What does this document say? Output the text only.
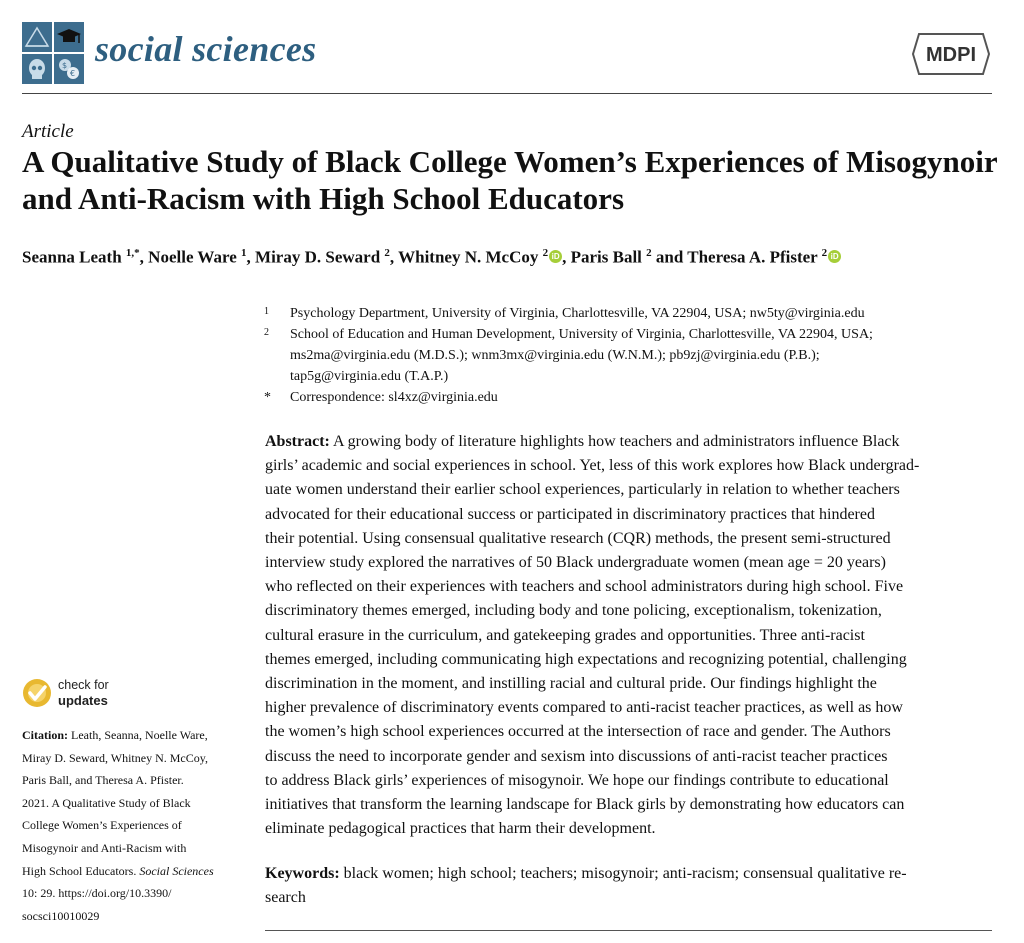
$
€
social sciences	MDPI
Article
A Qualitative Study of Black College Women’s Experiences of Misogynoir and Anti-Racism with High School Educators
Seanna Leath $^{1,*}$, Noelle Ware $^1$, Miray D. Seward $^2$, Whitney N. McCoy $^2$ iD , Paris Ball $^2$ and Theresa A. Pfister $^2$ iD
1 Psychology Department, University of Virginia, Charlottesville, VA 22904, USA; nw5ty@virginia.edu
2 School of Education and Human Development, University of Virginia, Charlottesville, VA 22904, USA;
ms2ma@virginia.edu (M.D.S.); wnm3mx@virginia.edu (W.N.M.); pb9zj@virginia.edu (P.B.);
tap5g@virginia.edu (T.A.P.)
* Correspondence: sl4xz@virginia.edu

Abstract: A growing body of literature highlights how teachers and administrators influence Black
girls’ academic and social experiences in school. Yet, less of this work explores how Black undergrad-
uate women understand their earlier school experiences, particularly in relation to whether teachers
advocated for their educational success or participated in discriminatory practices that hindered
their potential. Using consensual qualitative research (CQR) methods, the present semi-structured
interview study explored the narratives of 50 Black undergraduate women (mean age = 20 years)
who reflected on their experiences with teachers and school administrators during high school. Five
discriminatory themes emerged, including body and tone policing, exceptionalism, tokenization,
cultural erasure in the curriculum, and gatekeeping grades and opportunities. Three anti-racist
themes emerged, including communicating high expectations and recognizing potential, challenging
discrimination in the moment, and instilling racial and cultural pride. Our findings highlight the
higher prevalence of discriminatory events compared to anti-racist teacher practices, as well as how
the women’s high school experiences occurred at the intersection of race and gender. The Authors
discuss the need to incorporate gender and sexism into discussions of anti-racist teacher practices
to address Black girls’ experiences of misogynoir. We hope our findings contribute to educational
initiatives that transform the learning landscape for Black girls by demonstrating how educators can
eliminate pedagogical practices that harm their development.

Keywords: black women; high school; teachers; misogynoir; anti-racism; consensual qualitative re-
search

check for
updates

Citation: Leath, Seanna, Noelle Ware,
Miray D. Seward, Whitney N. McCoy,
Paris Ball, and Theresa A. Pfister.
2021. A Qualitative Study of Black
College Women’s Experiences of
Misogynoir and Anti-Racism with
High School Educators. Social Sciences
10: 29. https://doi.org/10.3390/
socsci10010029
